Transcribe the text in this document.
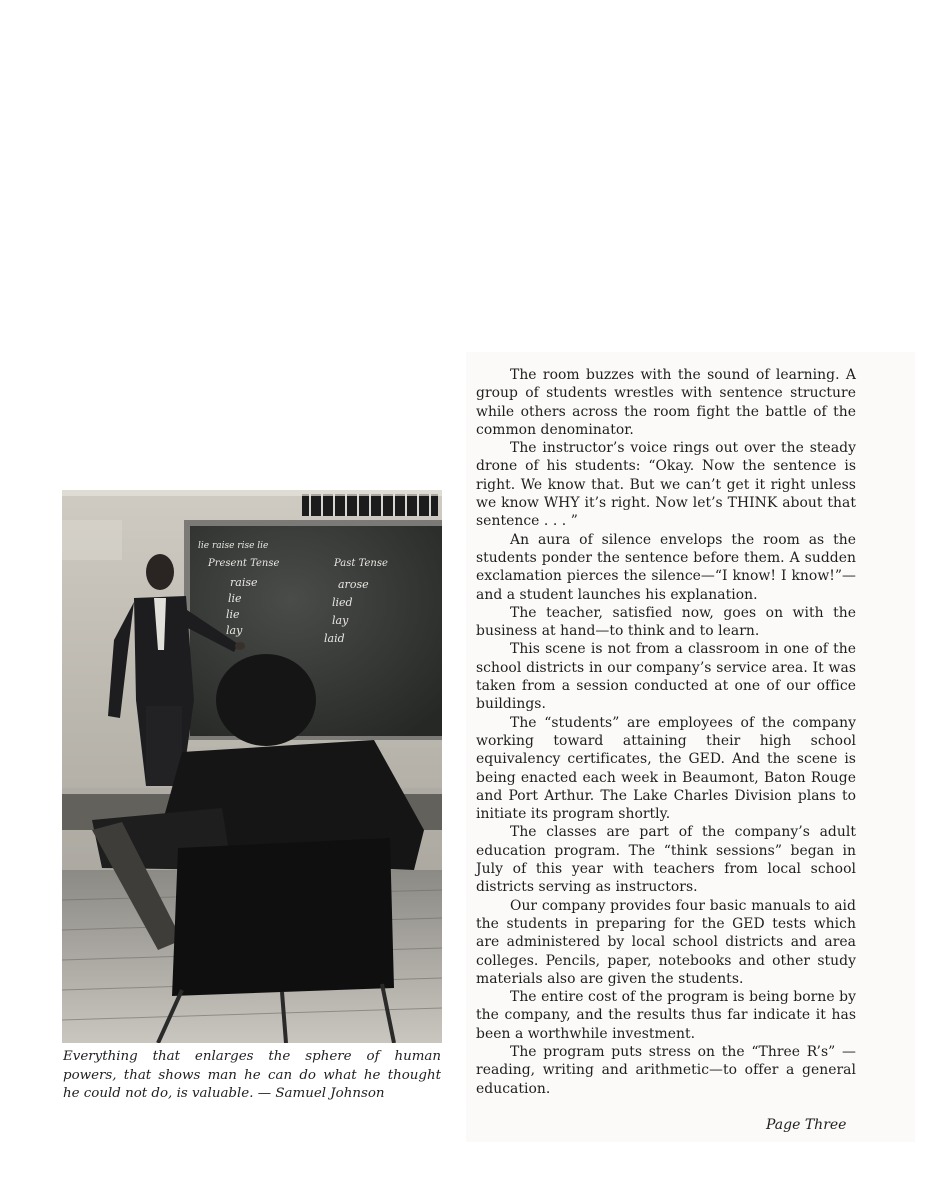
lie raise rise lie
Present Tense	Past Tense
raise
lie
lie
lay
arose
lied
lay
laid
Everything that enlarges the sphere of human
powers, that shows man he can do what he thought
he could not do, is valuable. — Samuel Johnson

The room buzzes with the sound of learning. A group of students wrestles with sentence structure while others across the room fight the battle of the common denominator.

The instructor’s voice rings out over the steady drone of his students: “Okay. Now the sentence is right. We know that. But we can’t get it right unless we know WHY it’s right. Now let’s THINK about that sentence . . . ”

An aura of silence envelops the room as the students ponder the sentence before them. A sudden exclamation pierces the silence—“I know! I know!”—and a student launches his explanation.

The teacher, satisfied now, goes on with the business at hand—to think and to learn.

This scene is not from a classroom in one of the school districts in our company’s service area. It was taken from a session conducted at one of our office buildings.

The “students” are employees of the company working toward attaining their high school equivalency certificates, the GED. And the scene is being enacted each week in Beaumont, Baton Rouge and Port Arthur. The Lake Charles Division plans to initiate its program shortly.

The classes are part of the company’s adult education program. The “think sessions” began in July of this year with teachers from local school districts serving as instructors.

Our company provides four basic manuals to aid the students in preparing for the GED tests which are administered by local school districts and area colleges. Pencils, paper, notebooks and other study materials also are given the students.

The entire cost of the program is being borne by the company, and the results thus far indicate it has been a worthwhile investment.

The program puts stress on the “Three R’s” —reading, writing and arithmetic—to offer a general education.

Page Three
